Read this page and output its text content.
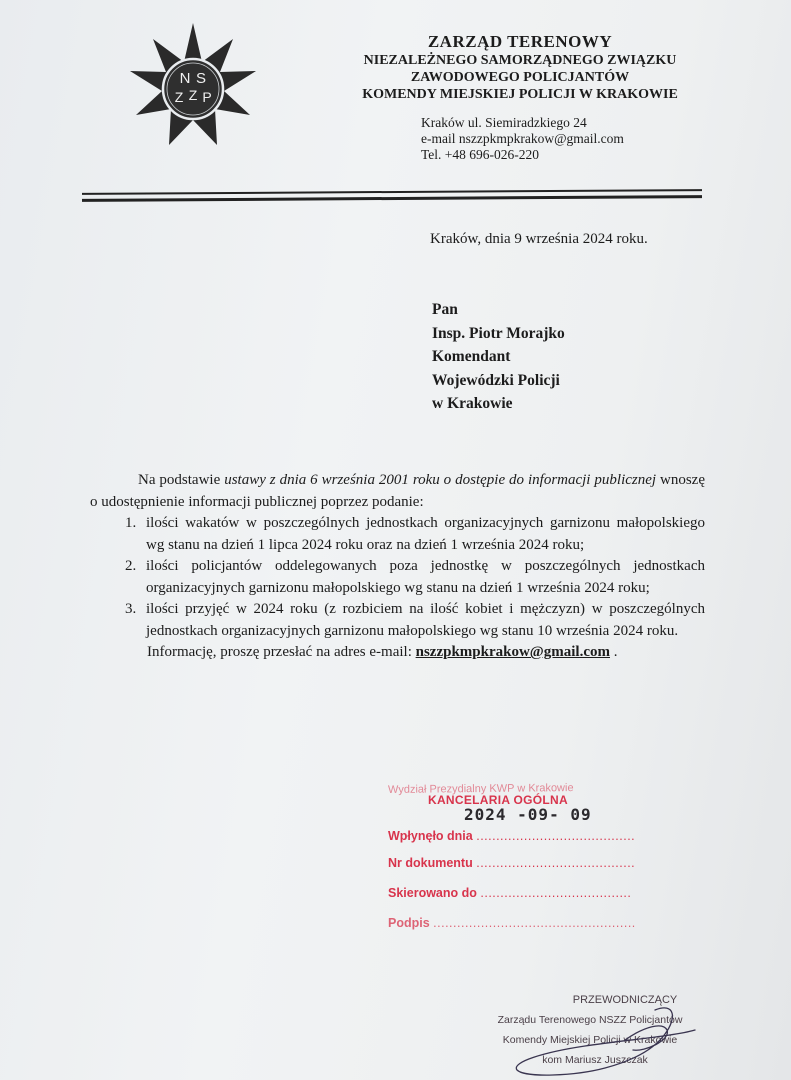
N S
Z Z P
ZARZĄD TERENOWY
NIEZALEŻNEGO SAMORZĄDNEGO ZWIĄZKU
ZAWODOWEGO POLICJANTÓW
KOMENDY MIEJSKIEJ POLICJI W KRAKOWIE
Kraków ul. Siemiradzkiego 24
e-mail nszzpkmpkrakow@gmail.com
Tel. +48 696-026-220
Kraków, dnia 9 września 2024 roku.
Pan
Insp. Piotr Morajko
Komendant
Wojewódzki Policji
w Krakowie

Na podstawie ustawy z dnia 6 września 2001 roku o dostępie do informacji publicznej wnoszę o udostępnienie informacji publicznej poprzez podanie:

1. ilości wakatów w poszczególnych jednostkach organizacyjnych garnizonu małopolskiego wg stanu na dzień 1 lipca 2024 roku oraz na dzień 1 września 2024 roku;
2. ilości policjantów oddelegowanych poza jednostkę w poszczególnych jednostkach organizacyjnych garnizonu małopolskiego wg stanu na dzień 1 września 2024 roku;
3. ilości przyjęć w 2024 roku (z rozbiciem na ilość kobiet i mężczyzn) w poszczególnych jednostkach organizacyjnych garnizonu małopolskiego wg stanu 10 września 2024 roku.

Informację, proszę przesłać na adres e-mail: nszzpkmpkrakow@gmail.com .

Wydział Prezydialny KWP w Krakowie
KANCELARIA OGÓLNA
2024 -09- 09
Wpłynęło dnia ........................................
Nr dokumentu ........................................
Skierowano do ......................................
Podpis ...................................................
PRZEWODNICZĄCY
Zarządu Terenowego NSZZ Policjantów
Komendy Miejskiej Policji w Krakowie
kom Mariusz Juszczak
